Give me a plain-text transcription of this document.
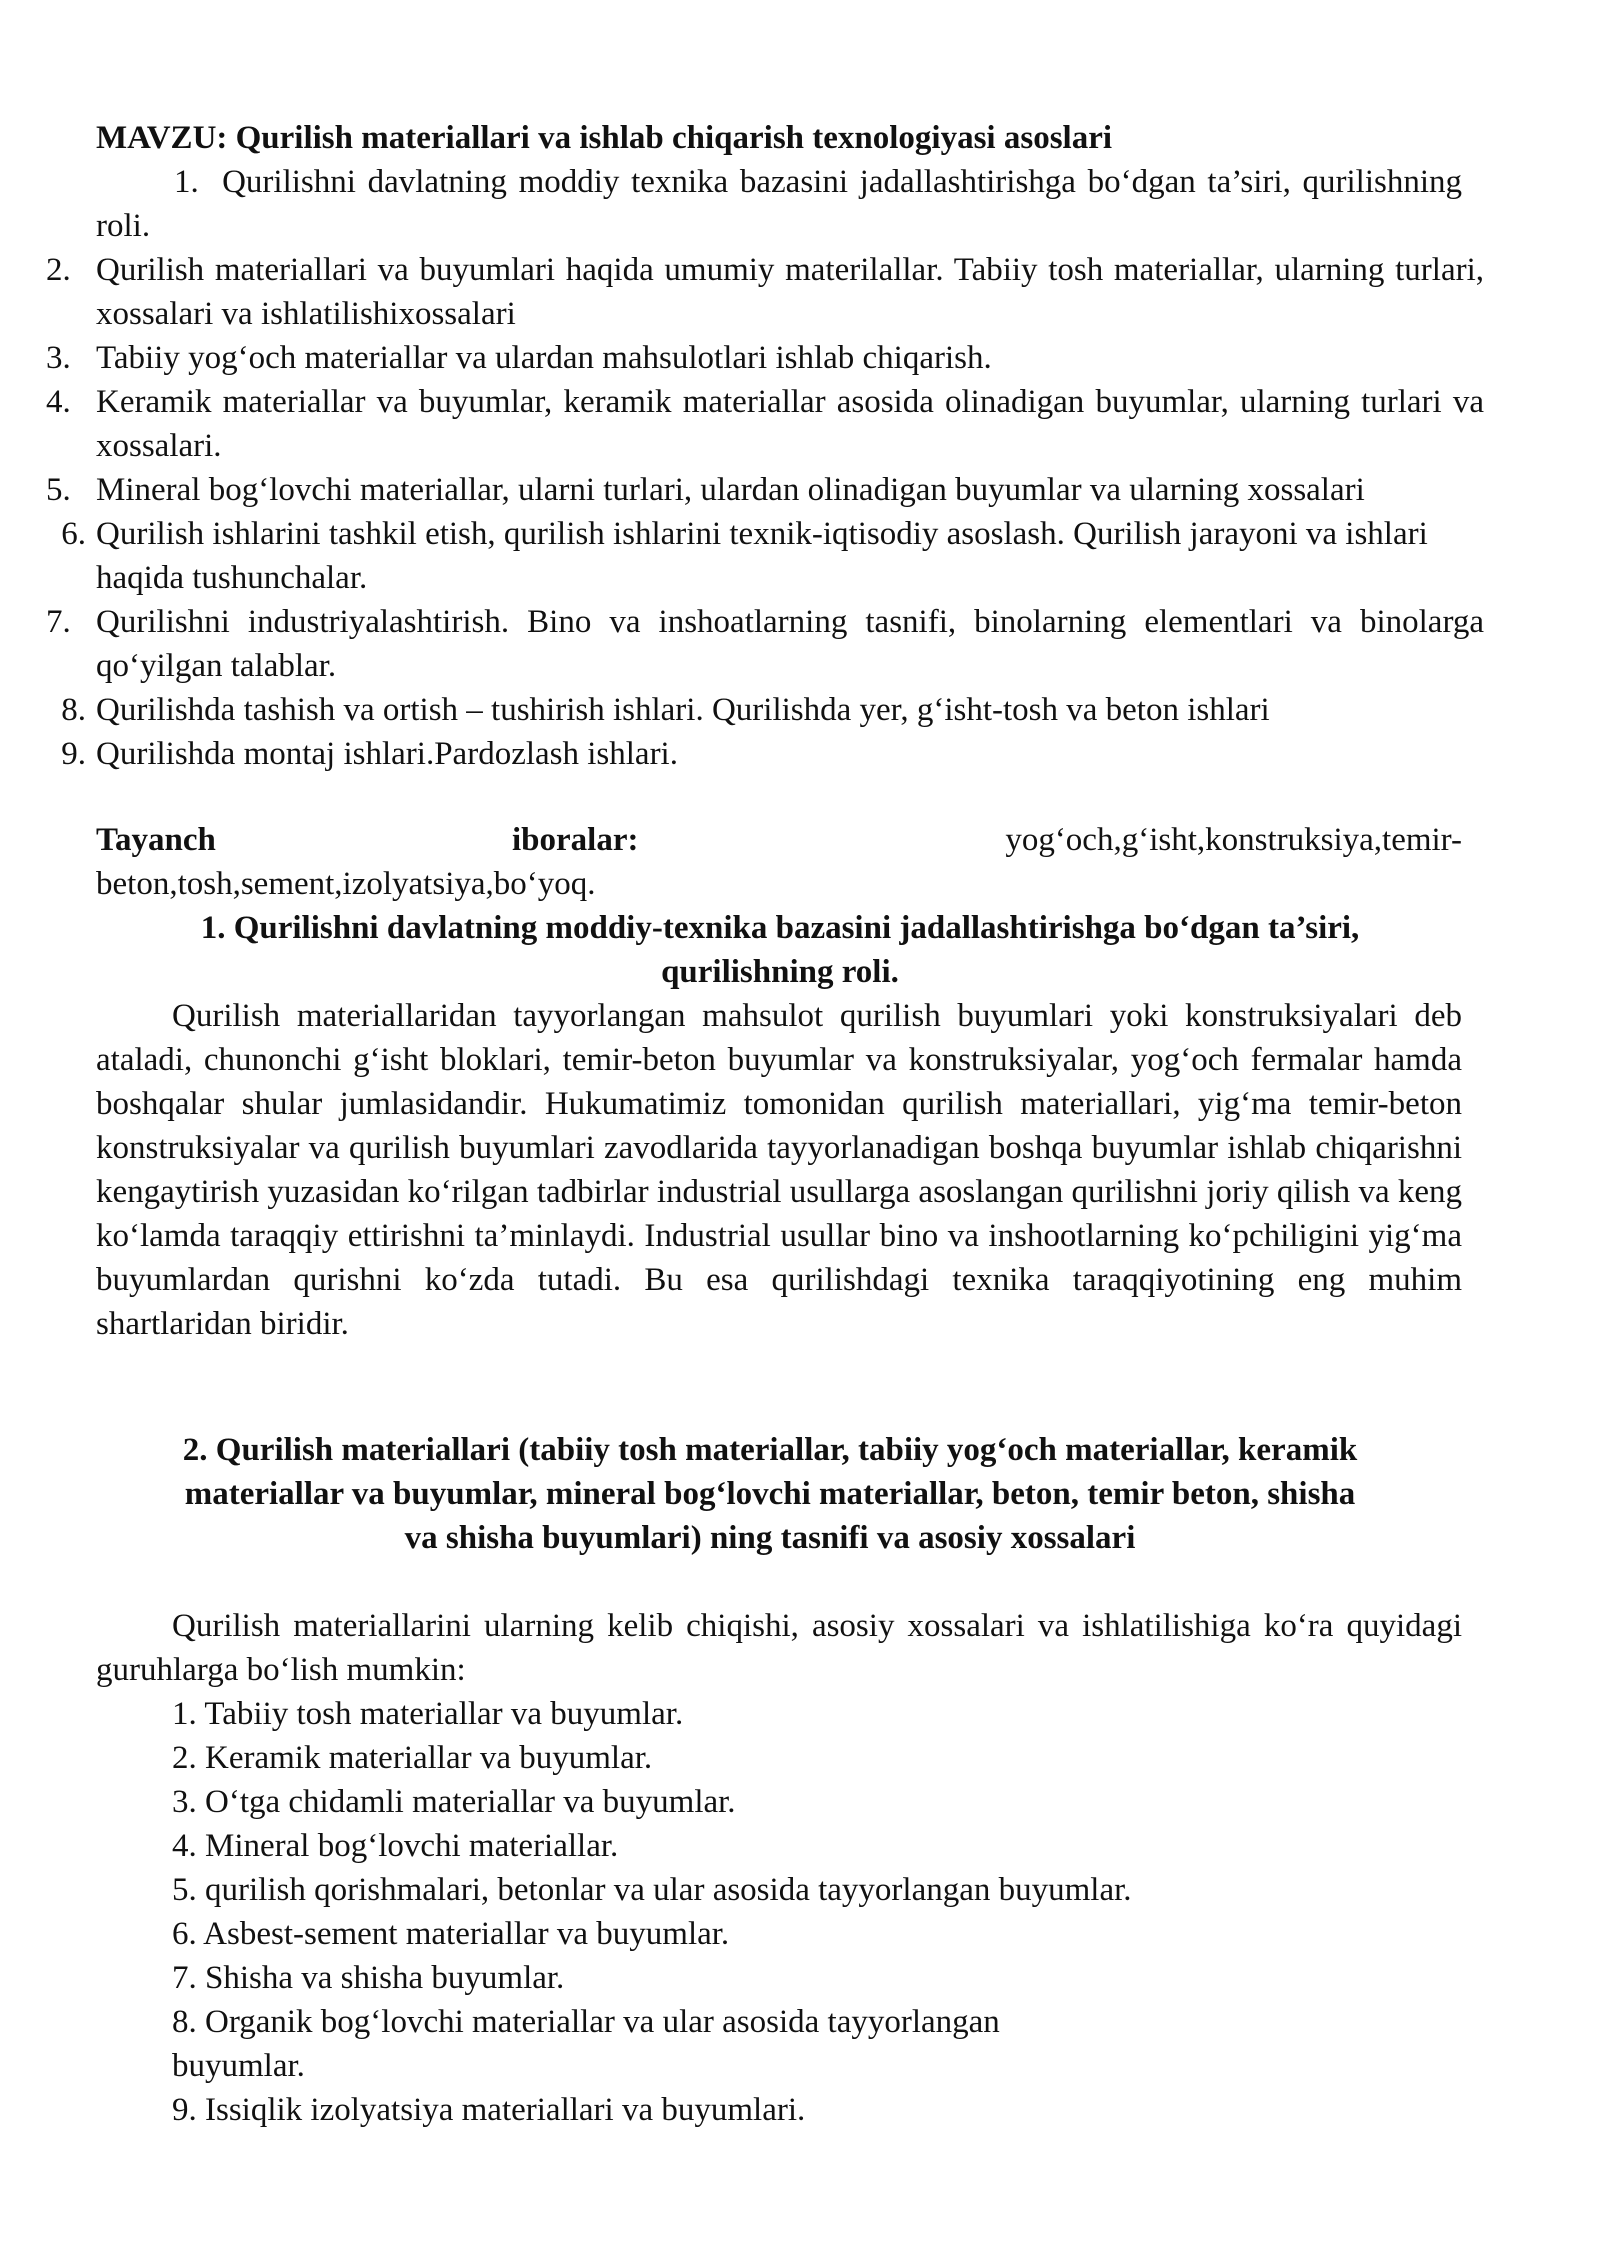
MAVZU: Qurilish materiallari va ishlab chiqarish texnologiyasi asoslari
1. Qurilishni davlatning moddiy texnika bazasini jadallashtirishga bo‘dgan ta’siri, qurilishning roli.
2. Qurilish materiallari va buyumlari haqida umumiy materilallar. Tabiiy tosh materiallar, ularning turlari, xossalari va ishlatilishixossalari
3. Tabiiy yog‘och materiallar va ulardan mahsulotlari ishlab chiqarish.
4. Keramik materiallar va buyumlar, keramik materiallar asosida olinadigan buyumlar, ularning turlari va xossalari.
5. Mineral bog‘lovchi materiallar, ularni turlari, ulardan olinadigan buyumlar va ularning xossalari
6. Qurilish ishlarini tashkil etish, qurilish ishlarini texnik-iqtisodiy asoslash. Qurilish jarayoni va ishlari haqida tushunchalar.
7. Qurilishni industriyalashtirish. Bino va inshoatlarning tasnifi, binolarning elementlari va binolarga qo‘yilgan talablar.
8. Qurilishda tashish va ortish – tushirish ishlari. Qurilishda yer, g‘isht-tosh va beton ishlari
9. Qurilishda montaj ishlari.Pardozlash ishlari.
Tayanch	iboralar:	yog‘och,g‘isht,konstruksiya,temir-
beton,tosh,sement,izolyatsiya,bo‘yoq.
1. Qurilishni davlatning moddiy-texnika bazasini jadallashtirishga bo‘dgan ta’siri,
qurilishning roli.
Qurilish materiallaridan tayyorlangan mahsulot qurilish buyumlari yoki konstruksiyalari deb ataladi, chunonchi g‘isht bloklari, temir-beton buyumlar va konstruksiyalar, yog‘och fermalar hamda boshqalar shular jumlasidandir. Hukumatimiz tomonidan qurilish materiallari, yig‘ma temir-beton konstruksiyalar va qurilish buyumlari zavodlarida tayyorlanadigan boshqa buyumlar ishlab chiqarishni kengaytirish yuzasidan ko‘rilgan tadbirlar industrial usullarga asoslangan qurilishni joriy qilish va keng ko‘lamda taraqqiy ettirishni ta’minlaydi. Industrial usullar bino va inshootlarning ko‘pchiligini yig‘ma buyumlardan qurishni ko‘zda tutadi. Bu esa qurilishdagi texnika taraqqiyotining eng muhim shartlaridan biridir.
2. Qurilish materiallari (tabiiy tosh materiallar, tabiiy yog‘och materiallar, keramik
materiallar va buyumlar, mineral bog‘lovchi materiallar, beton, temir beton, shisha
va shisha buyumlari) ning tasnifi va asosiy xossalari
Qurilish materiallarini ularning kelib chiqishi, asosiy xossalari va ishlatilishiga ko‘ra quyidagi guruhlarga bo‘lish mumkin:
1. Tabiiy tosh materiallar va buyumlar.
2. Keramik materiallar va buyumlar.
3. O‘tga chidamli materiallar va buyumlar.
4. Mineral bog‘lovchi materiallar.
5. qurilish qorishmalari, betonlar va ular asosida tayyorlangan buyumlar.
6. Asbest-sement materiallar va buyumlar.
7. Shisha va shisha buyumlar.
8. Organik bog‘lovchi materiallar va ular asosida tayyorlangan
buyumlar.
9. Issiqlik izolyatsiya materiallari va buyumlari.
